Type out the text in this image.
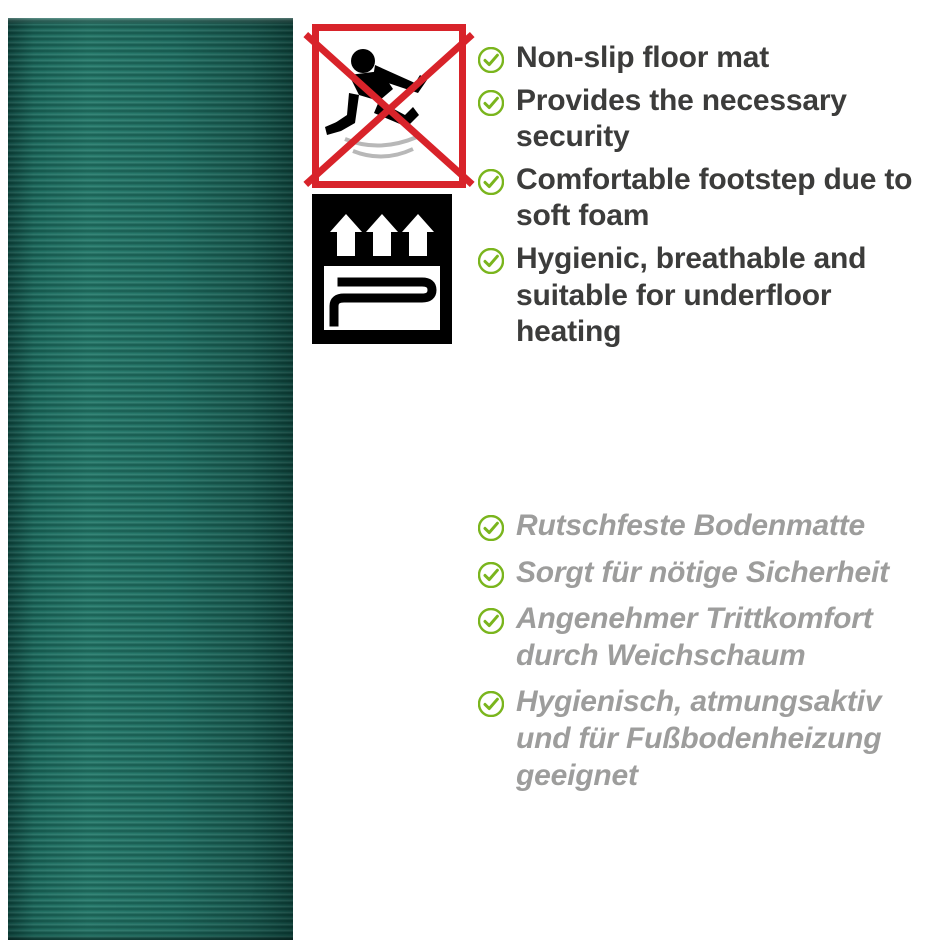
Non-slip floor mat
Provides the necessary security
Comfortable footstep due to soft foam
Hygienic, breathable and suitable for underfloor heating
Rutschfeste Bodenmatte
Sorgt für nötige Sicherheit
Angenehmer Trittkomfort durch Weichschaum
Hygienisch, atmungsaktiv und für Fußbodenheizung geeignet
